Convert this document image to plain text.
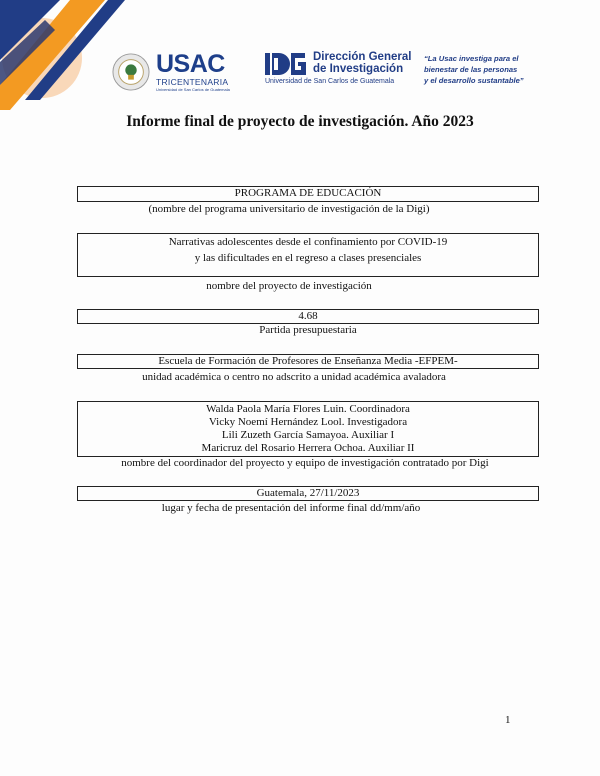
USAC
TRICENTENARIA
Universidad de San Carlos de Guatemala
Dirección General
de Investigación
Universidad de San Carlos de Guatemala
“La Usac investiga para el
bienestar de las personas
y el desarrollo sustantable”
Informe final de proyecto de investigación. Año 2023
PROGRAMA DE EDUCACIÓN
(nombre del programa universitario de investigación de la Digi)
Narrativas adolescentes desde el confinamiento por COVID-19
y las dificultades en el regreso a clases presenciales
nombre del proyecto de investigación
4.68
Partida presupuestaria
Escuela de Formación de Profesores de Enseñanza Media -EFPEM-
unidad académica o centro no adscrito a unidad académica avaladora
Walda Paola María Flores Luin. Coordinadora
Vicky Noemí Hernández Lool. Investigadora
Lili Zuzeth García Samayoa. Auxiliar I
Maricruz del Rosario Herrera Ochoa. Auxiliar II
nombre del coordinador del proyecto y equipo de investigación contratado por Digi
Guatemala, 27/11/2023
lugar y fecha de presentación del informe final dd/mm/año
1
